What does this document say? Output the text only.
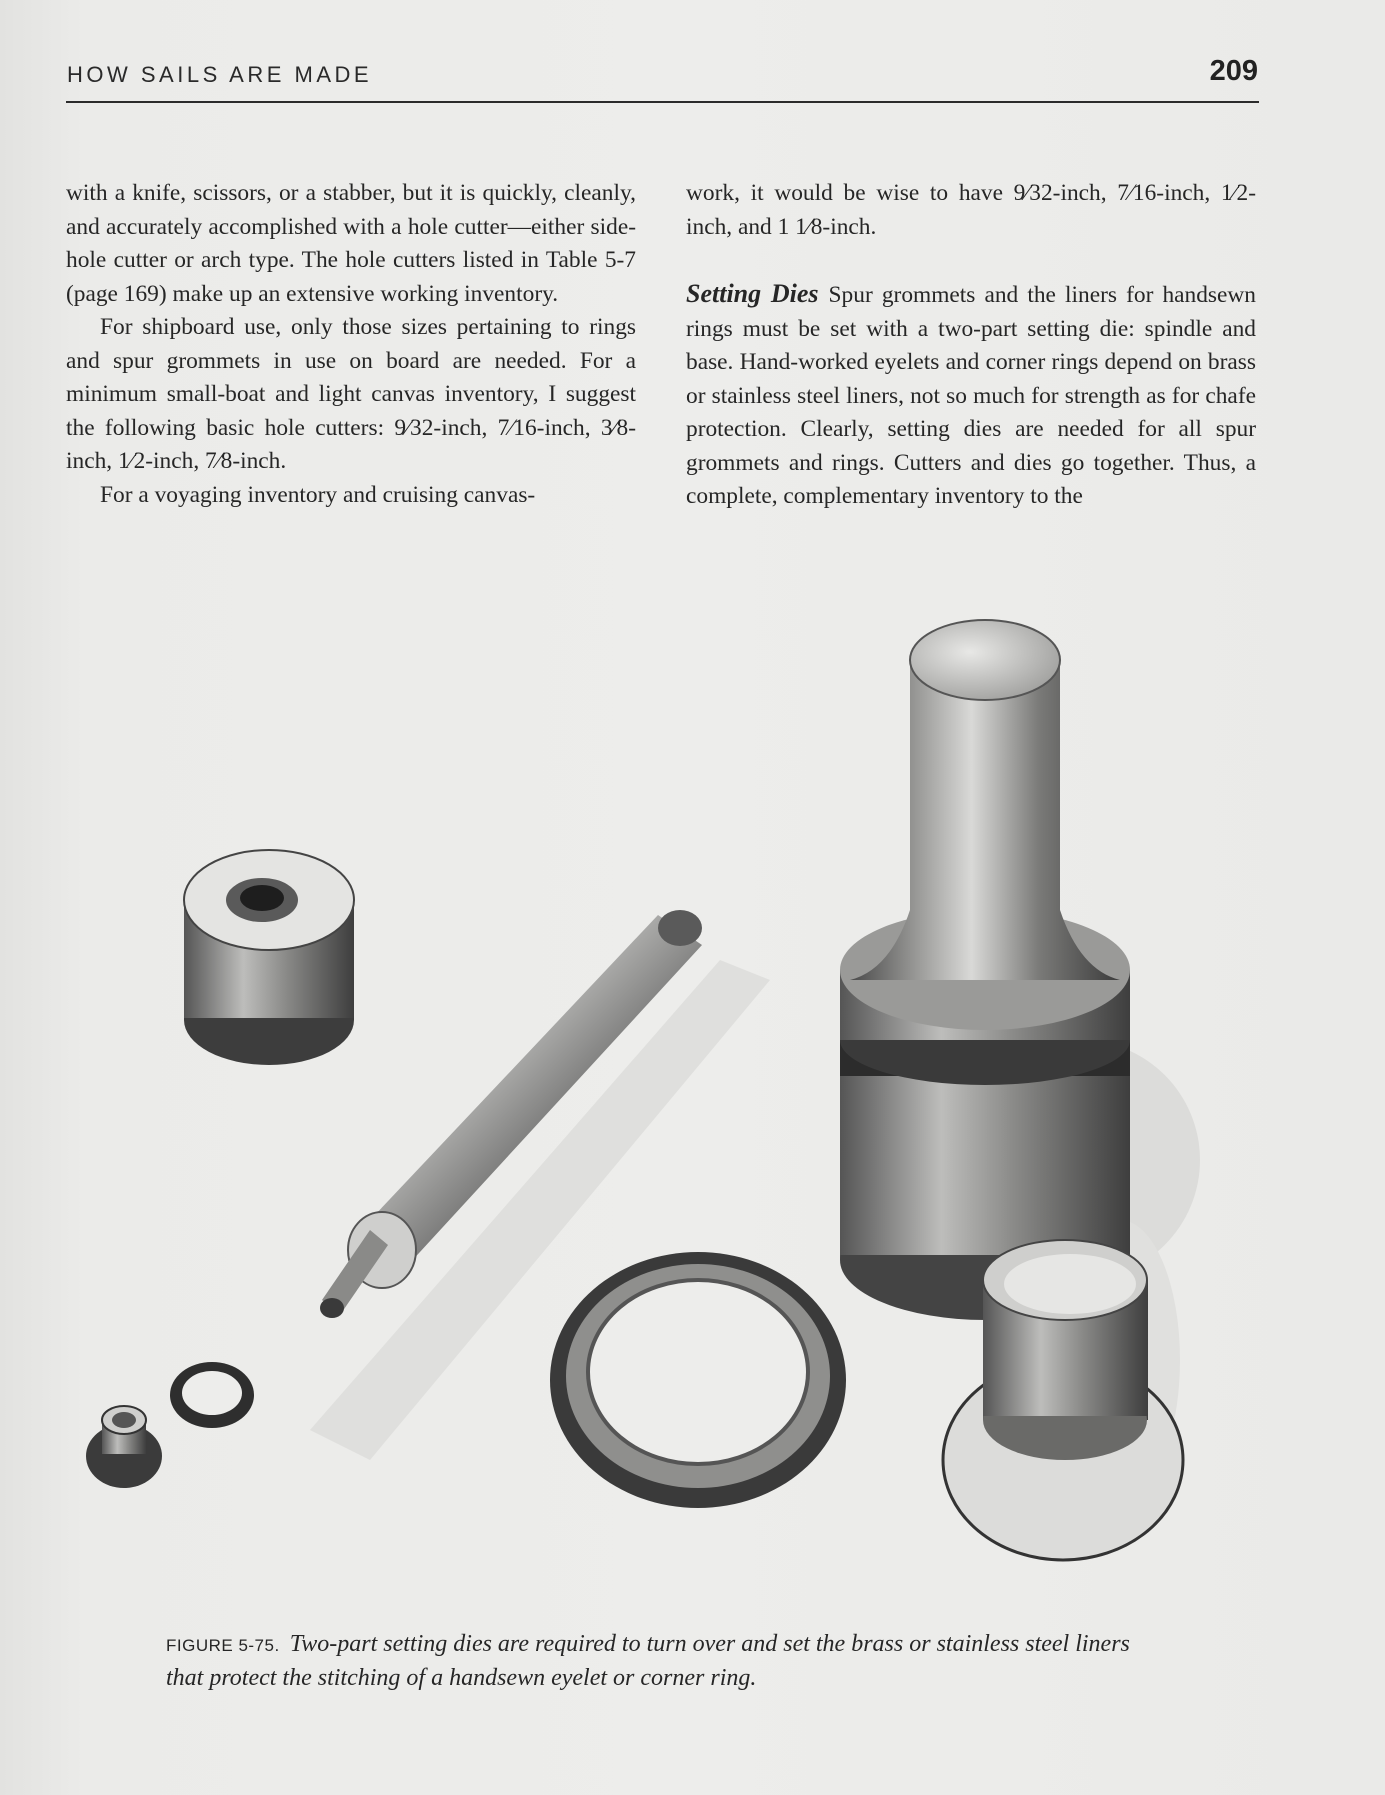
HOW SAILS ARE MADE	209

with a knife, scissors, or a stabber, but it is quickly, cleanly, and accurately accomplished with a hole cutter—either side-hole cutter or arch type. The hole cutters listed in Table 5-7 (page 169) make up an extensive working inventory.

For shipboard use, only those sizes pertaining to rings and spur grommets in use on board are needed. For a minimum small-boat and light canvas inventory, I suggest the following basic hole cutters: 9⁄32-inch, 7⁄16-inch, 3⁄8-inch, 1⁄2-inch, 7⁄8-inch.

For a voyaging inventory and cruising canvas-

work, it would be wise to have 9⁄32-inch, 7⁄16-inch, 1⁄2-inch, and 1 1⁄8-inch.

Setting Dies Spur grommets and the liners for handsewn rings must be set with a two-part setting die: spindle and base. Hand-worked eyelets and corner rings depend on brass or stainless steel liners, not so much for strength as for chafe protection. Clearly, setting dies are needed for all spur grommets and rings. Cutters and dies go together. Thus, a complete, complementary inventory to the

FIGURE 5-75. Two-part setting dies are required to turn over and set the brass or stainless steel liners that protect the stitching of a handsewn eyelet or corner ring.
